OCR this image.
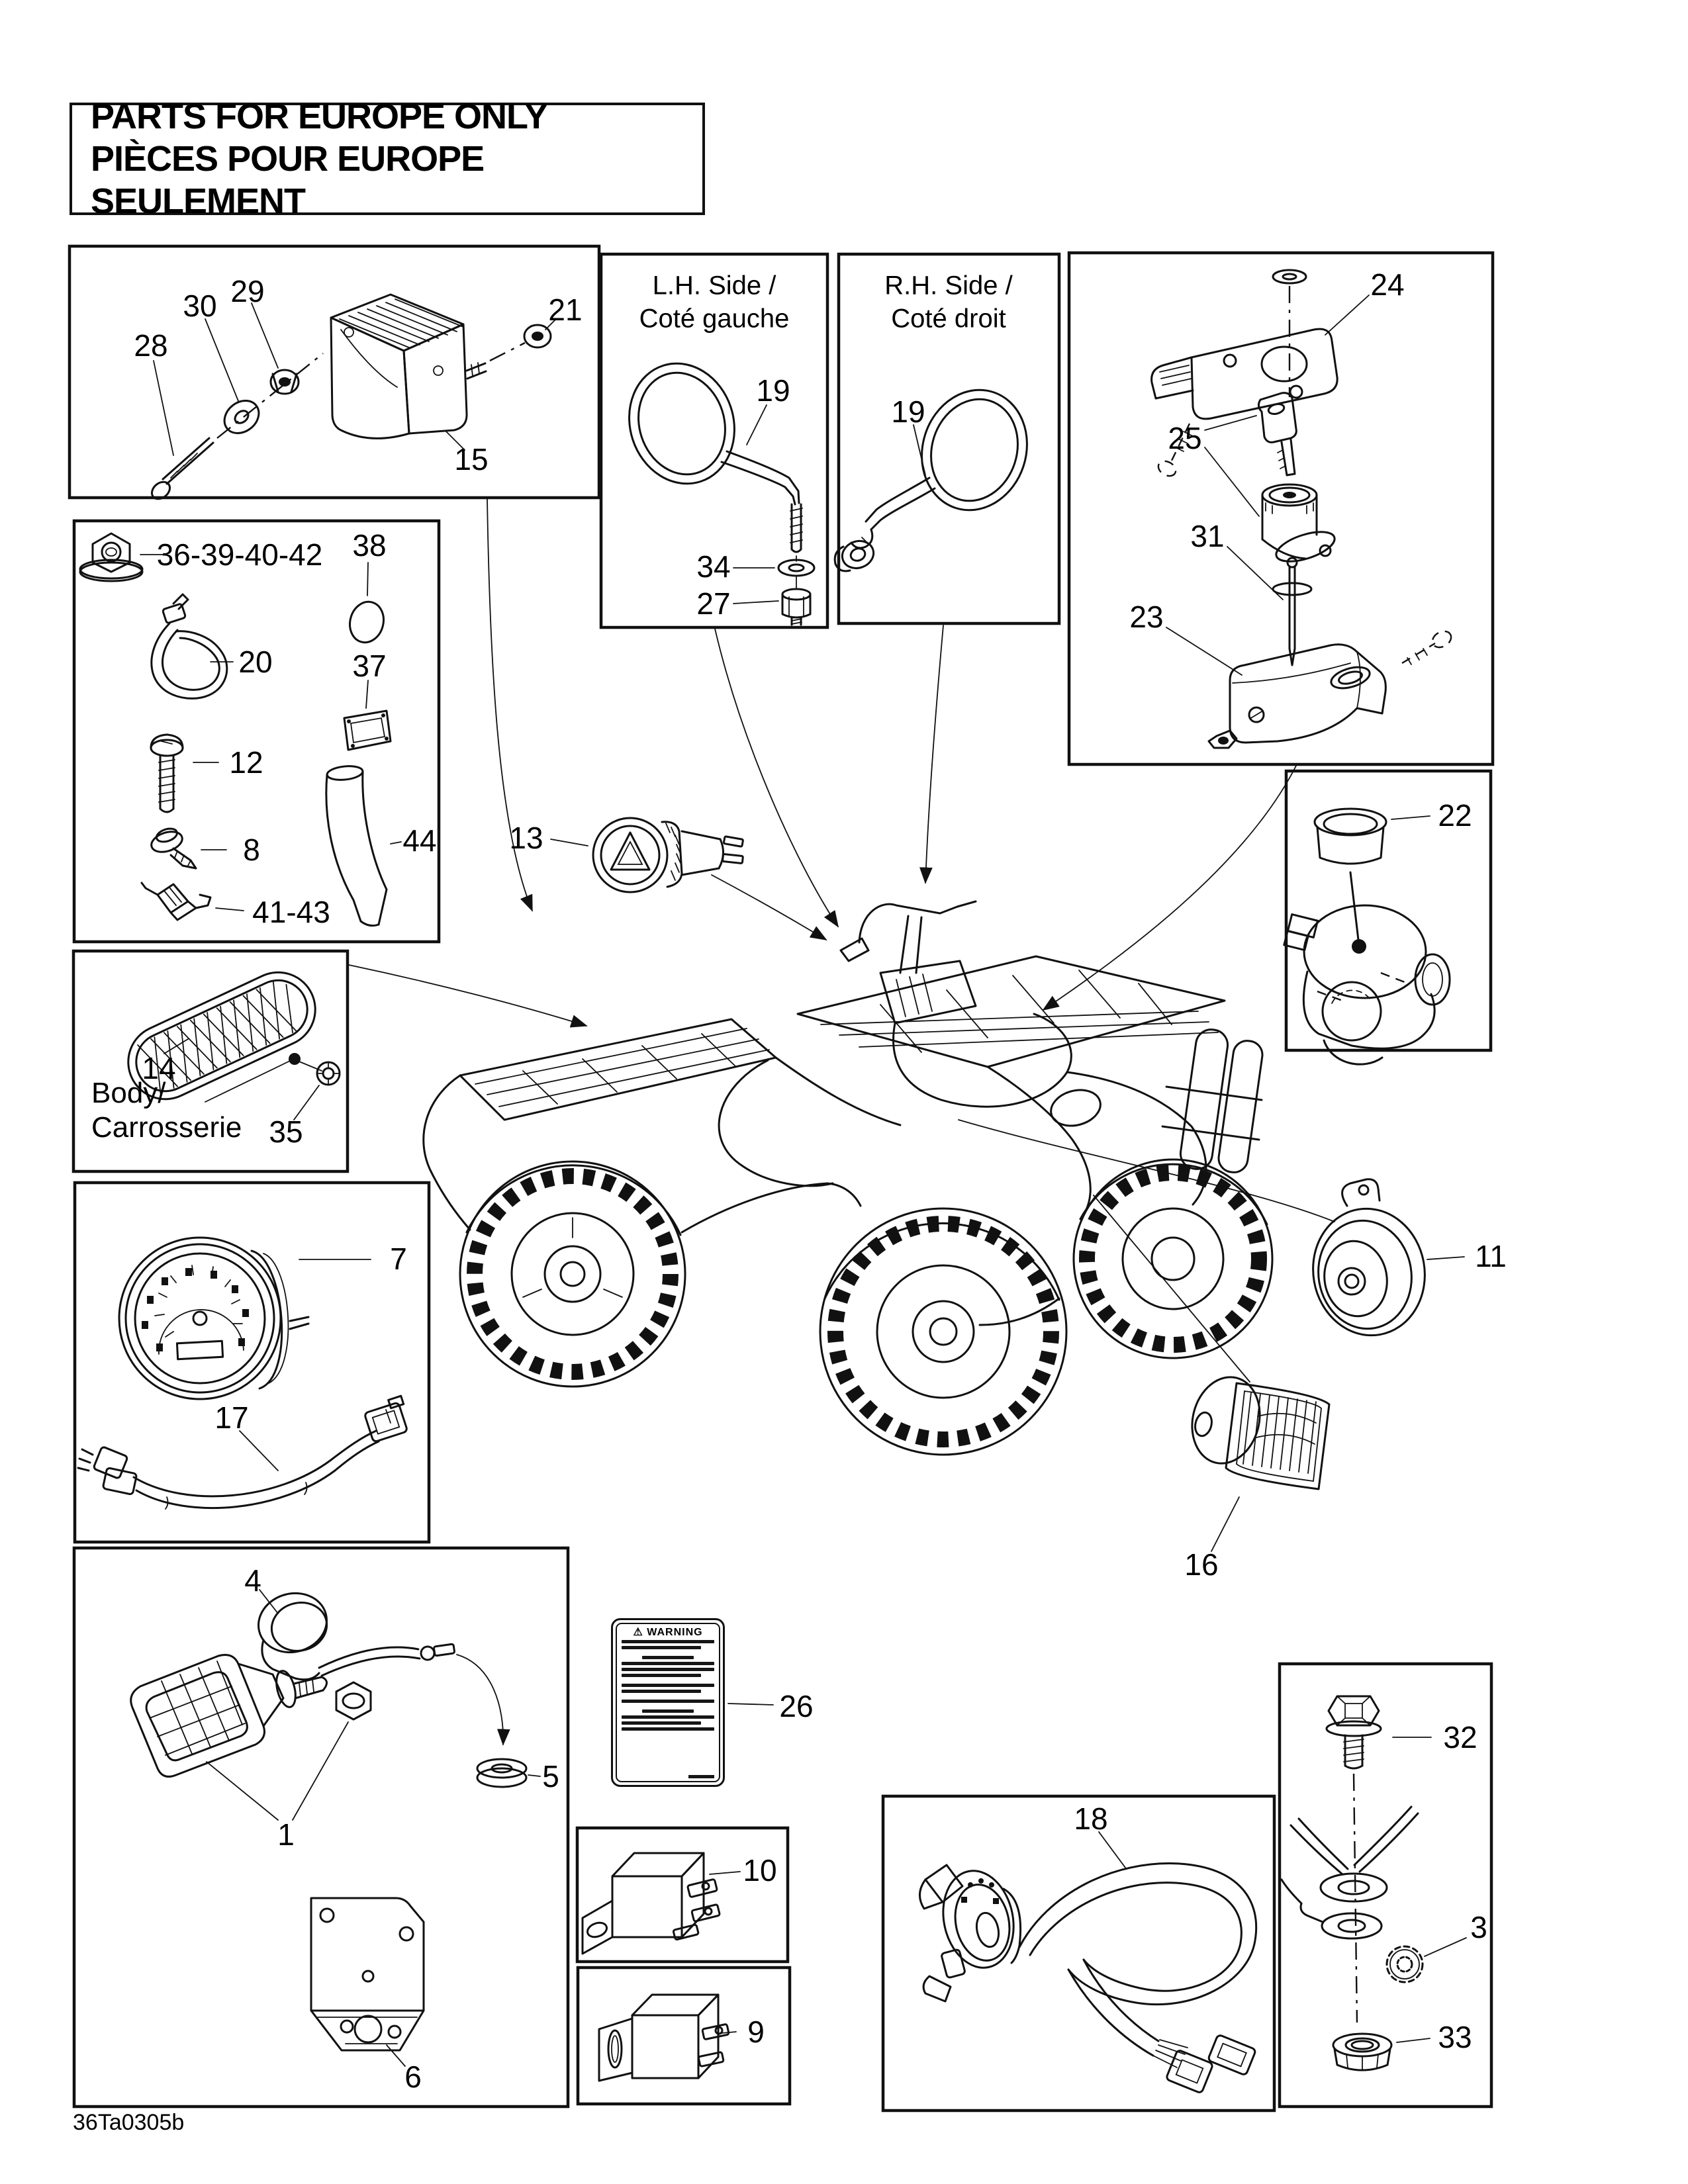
PARTS FOR EUROPE ONLY
PIÈCES POUR EUROPE SEULEMENT
28
30 29
21
15
L.H. Side /
Coté gauche
19
34
27
R.H. Side /
Coté droit
19
24
25
31
23
36-39-40-42 38
20	37
12
8	44
41-43
14
Body/
Carrosserie 35
7
17
4
1
5
6
26
10
9
18
32
3
33
22
13
11
16
⚠ WARNING
36Ta0305b
